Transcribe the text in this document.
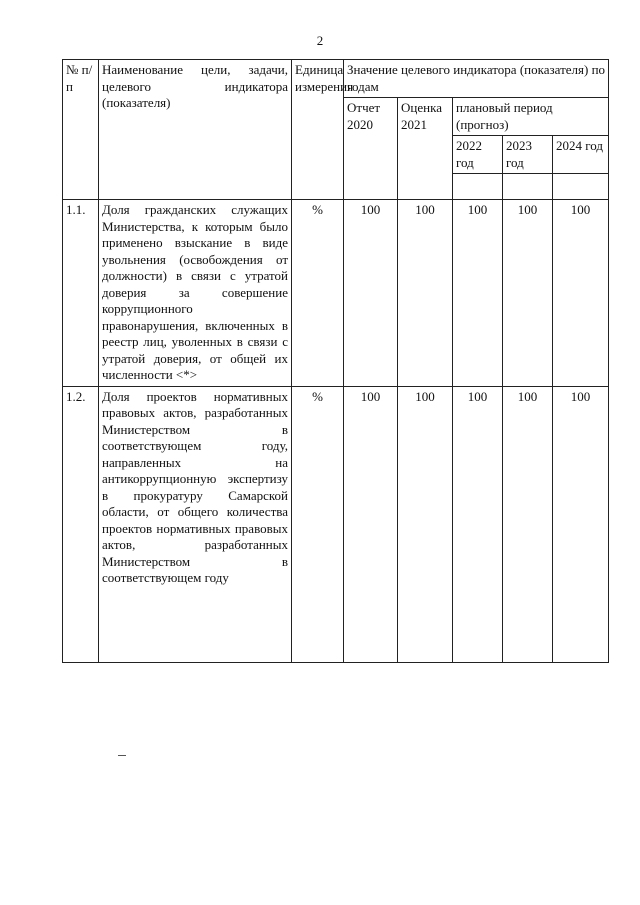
2
№ п/п	Наименование цели, задачи, целевого индикатора (показателя)	Единица измерения	Значение целевого индикатора (показателя) по годам				
			Отчет 2020	Оценка 2021	плановый период (прогноз)		
					2022 год	2023 год	2024 год

1.1.	Доля гражданских служащих Министерства, к которым было применено взыскание в виде увольнения (освобождения от должности) в связи с утратой доверия за совершение коррупционного правонарушения, включенных в реестр лиц, уволенных в связи с утратой доверия, от общей их численности <*>	%	100	100	100	100	100
1.2.	Доля проектов нормативных правовых актов, разработанных Министерством в соответствующем году, направленных на антикоррупционную экспертизу в прокуратуру Самарской области, от общего количества проектов нормативных правовых актов, разработанных Министерством в соответствующем году	%	100	100	100	100	100
